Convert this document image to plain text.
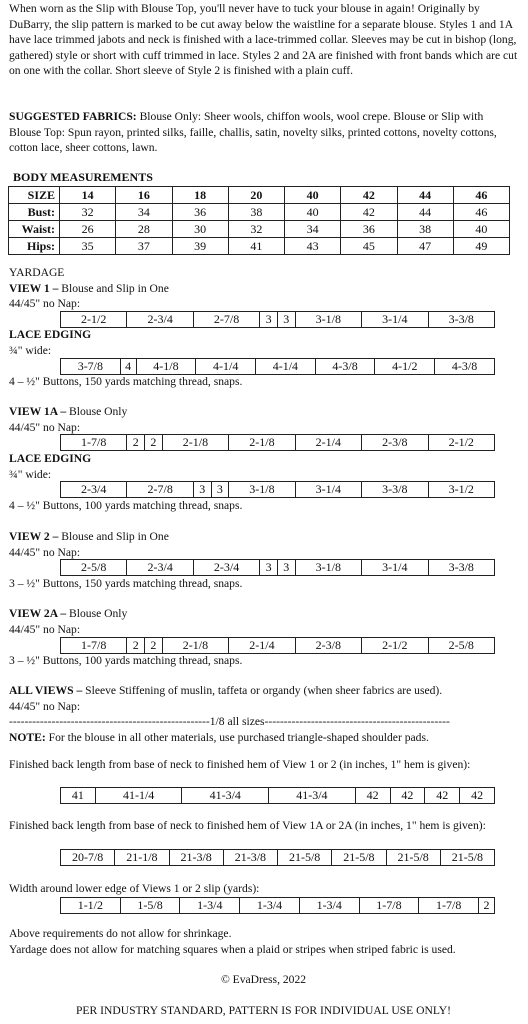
When worn as the Slip with Blouse Top, you'll never have to tuck your blouse in again! Originally by DuBarry, the slip pattern is marked to be cut away below the waistline for a separate blouse. Styles 1 and 1A have lace trimmed jabots and neck is finished with a lace-trimmed collar. Sleeves may be cut in bishop (long, gathered) style or short with cuff trimmed in lace. Styles 2 and 2A are finished with front bands which are cut on one with the collar. Short sleeve of Style 2 is finished with a plain cuff.

SUGGESTED FABRICS: Blouse Only: Sheer wools, chiffon wools, wool crepe. Blouse or Slip with Blouse Top: Spun rayon, printed silks, faille, challis, satin, novelty silks, printed cottons, novelty cottons, cotton lace, sheer cottons, lawn.

BODY MEASUREMENTS
SIZE	14	16	18	20	40	42	44	46
Bust:	32	34	36	38	40	42	44	46
Waist:	26	28	30	32	34	36	38	40
Hips:	35	37	39	41	43	45	47	49
YARDAGE
VIEW 1 – Blouse and Slip in One
44/45" no Nap:
2-1/2	2-3/4	2-7/8	3	3	3-1/8	3-1/4	3-3/8
LACE EDGING
¾" wide:
3-7/8	4	4-1/8	4-1/4	4-1/4	4-3/8	4-1/2	4-3/8
4 – ½" Buttons, 150 yards matching thread, snaps.
VIEW 1A – Blouse Only
44/45" no Nap:
1-7/8	2	2	2-1/8	2-1/8	2-1/4	2-3/8	2-1/2
LACE EDGING
¾" wide:
2-3/4	2-7/8	3	3	3-1/8	3-1/4	3-3/8	3-1/2
4 – ½" Buttons, 100 yards matching thread, snaps.
VIEW 2 – Blouse and Slip in One
44/45" no Nap:
2-5/8	2-3/4	2-3/4	3	3	3-1/8	3-1/4	3-3/8
3 – ½" Buttons, 150 yards matching thread, snaps.
VIEW 2A – Blouse Only
44/45" no Nap:
1-7/8	2	2	2-1/8	2-1/4	2-3/8	2-1/2	2-5/8
3 – ½" Buttons, 100 yards matching thread, snaps.
ALL VIEWS – Sleeve Stiffening of muslin, taffeta or organdy (when sheer fabrics are used).
44/45" no Nap:
----------------------------------------------------1/8 all sizes------------------------------------------------
NOTE: For the blouse in all other materials, use purchased triangle-shaped shoulder pads.
Finished back length from base of neck to finished hem of View 1 or 2 (in inches, 1" hem is given):
41	41-1/4	41-3/4	41-3/4	42	42	42	42
Finished back length from base of neck to finished hem of View 1A or 2A (in inches, 1" hem is given):
20-7/8	21-1/8	21-3/8	21-3/8	21-5/8	21-5/8	21-5/8	21-5/8
Width around lower edge of Views 1 or 2 slip (yards):
1-1/2	1-5/8	1-3/4	1-3/4	1-3/4	1-7/8	1-7/8	2
Above requirements do not allow for shrinkage.
Yardage does not allow for matching squares when a plaid or stripes when striped fabric is used.
© EvaDress, 2022
PER INDUSTRY STANDARD, PATTERN IS FOR INDIVIDUAL USE ONLY!
